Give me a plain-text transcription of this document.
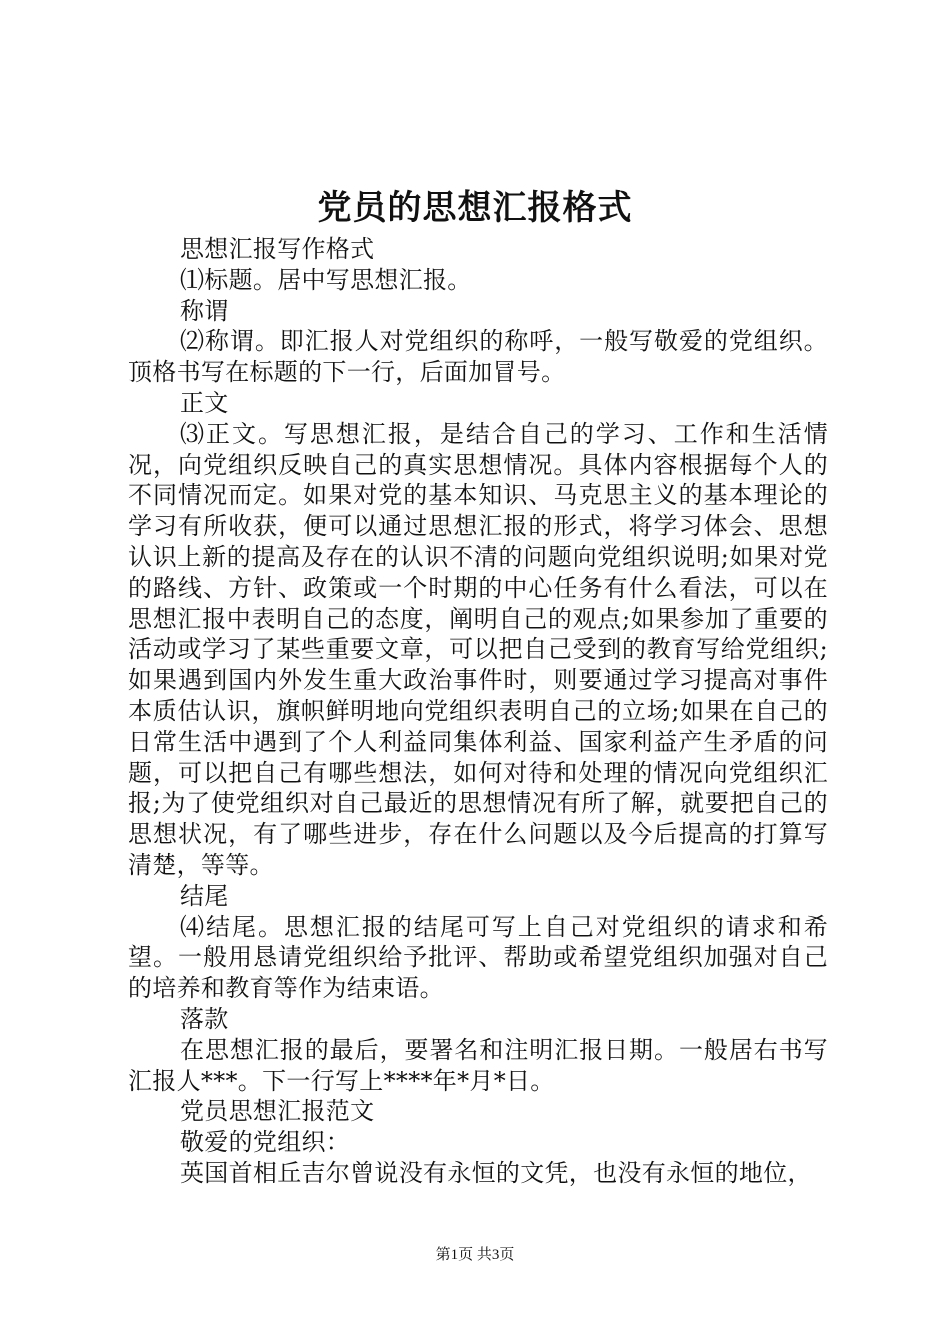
党员的思想汇报格式

思想汇报写作格式

⑴标题。居中写思想汇报。

称谓

⑵称谓。即汇报人对党组织的称呼，一般写敬爱的党组织。顶格书写在标题的下一行，后面加冒号。

正文

⑶正文。写思想汇报，是结合自己的学习、工作和生活情况，向党组织反映自己的真实思想情况。具体内容根据每个人的不同情况而定。如果对党的基本知识、马克思主义的基本理论的学习有所收获，便可以通过思想汇报的形式，将学习体会、思想认识上新的提高及存在的认识不清的问题向党组织说明;如果对党的路线、方针、政策或一个时期的中心任务有什么看法，可以在思想汇报中表明自己的态度，阐明自己的观点;如果参加了重要的活动或学习了某些重要文章，可以把自己受到的教育写给党组织;如果遇到国内外发生重大政治事件时，则要通过学习提高对事件本质估认识，旗帜鲜明地向党组织表明自己的立场;如果在自己的日常生活中遇到了个人利益同集体利益、国家利益产生矛盾的问题，可以把自己有哪些想法，如何对待和处理的情况向党组织汇报;为了使党组织对自己最近的思想情况有所了解，就要把自己的思想状况，有了哪些进步，存在什么问题以及今后提高的打算写清楚，等等。

结尾

⑷结尾。思想汇报的结尾可写上自己对党组织的请求和希望。一般用恳请党组织给予批评、帮助或希望党组织加强对自己的培养和教育等作为结束语。

落款

在思想汇报的最后，要署名和注明汇报日期。一般居右书写汇报人***。下一行写上****年*月*日。

党员思想汇报范文

敬爱的党组织：

英国首相丘吉尔曾说没有永恒的文凭，也没有永恒的地位，

第1页 共3页
